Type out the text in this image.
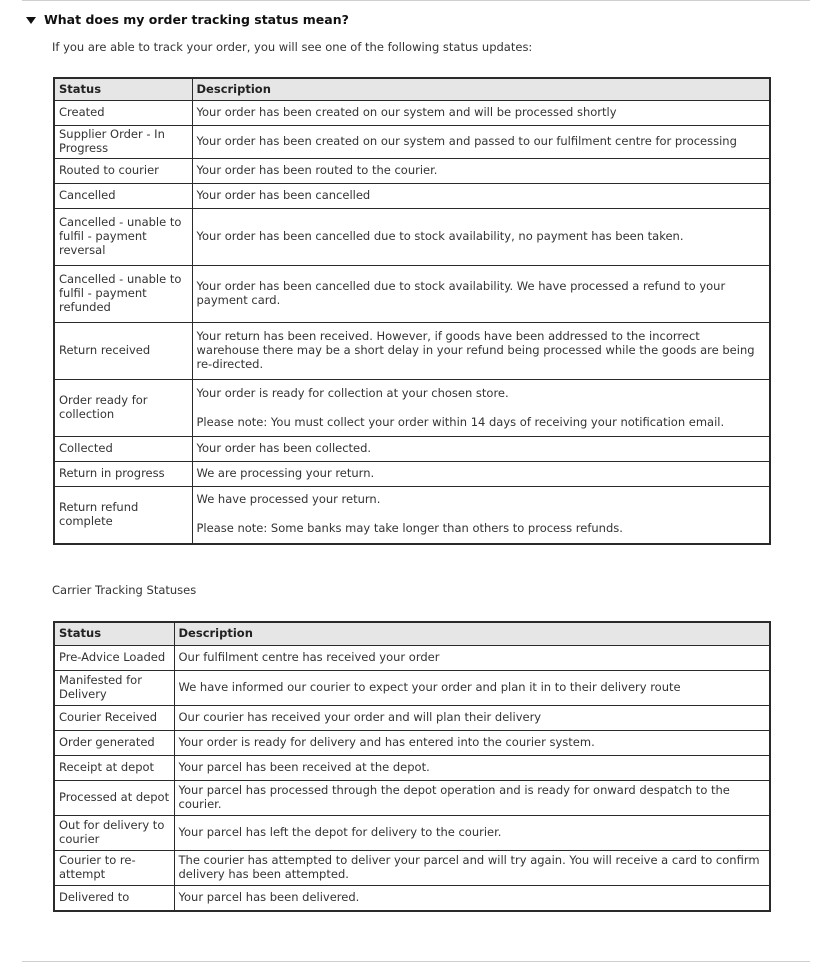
What does my order tracking status mean?
If you are able to track your order, you will see one of the following status updates:
Status	Description
Created	Your order has been created on our system and will be processed shortly

Supplier Order - In Progress	Your order has been created on our system and passed to our fulfilment centre for processing

Routed to courier	Your order has been routed to the courier.

Cancelled	Your order has been cancelled

Cancelled - unable to fulfil - payment reversal	Your order has been cancelled due to stock availability, no payment has been taken.

Cancelled - unable to fulfil - payment refunded	Your order has been cancelled due to stock availability. We have processed a refund to your payment card.

Return received	Your return has been received. However, if goods have been addressed to the incorrect warehouse there may be a short delay in your refund being processed while the goods are being re-directed.

Order ready for collection	Your order is ready for collection at your chosen store.

Please note: You must collect your order within 14 days of receiving your notification email.

Collected	Your order has been collected.

Return in progress	We are processing your return.

Return refund complete	We have processed your return.

Please note: Some banks may take longer than others to process refunds.

Carrier Tracking Statuses
Status	Description
Pre-Advice Loaded	Our fulfilment centre has received your order

Manifested for Delivery	We have informed our courier to expect your order and plan it in to their delivery route

Courier Received	Our courier has received your order and will plan their delivery

Order generated	Your order is ready for delivery and has entered into the courier system.

Receipt at depot	Your parcel has been received at the depot.

Processed at depot	Your parcel has processed through the depot operation and is ready for onward despatch to the courier.

Out for delivery to courier	Your parcel has left the depot for delivery to the courier.

Courier to re-attempt	The courier has attempted to deliver your parcel and will try again. You will receive a card to confirm delivery has been attempted.

Delivered to	Your parcel has been delivered.
